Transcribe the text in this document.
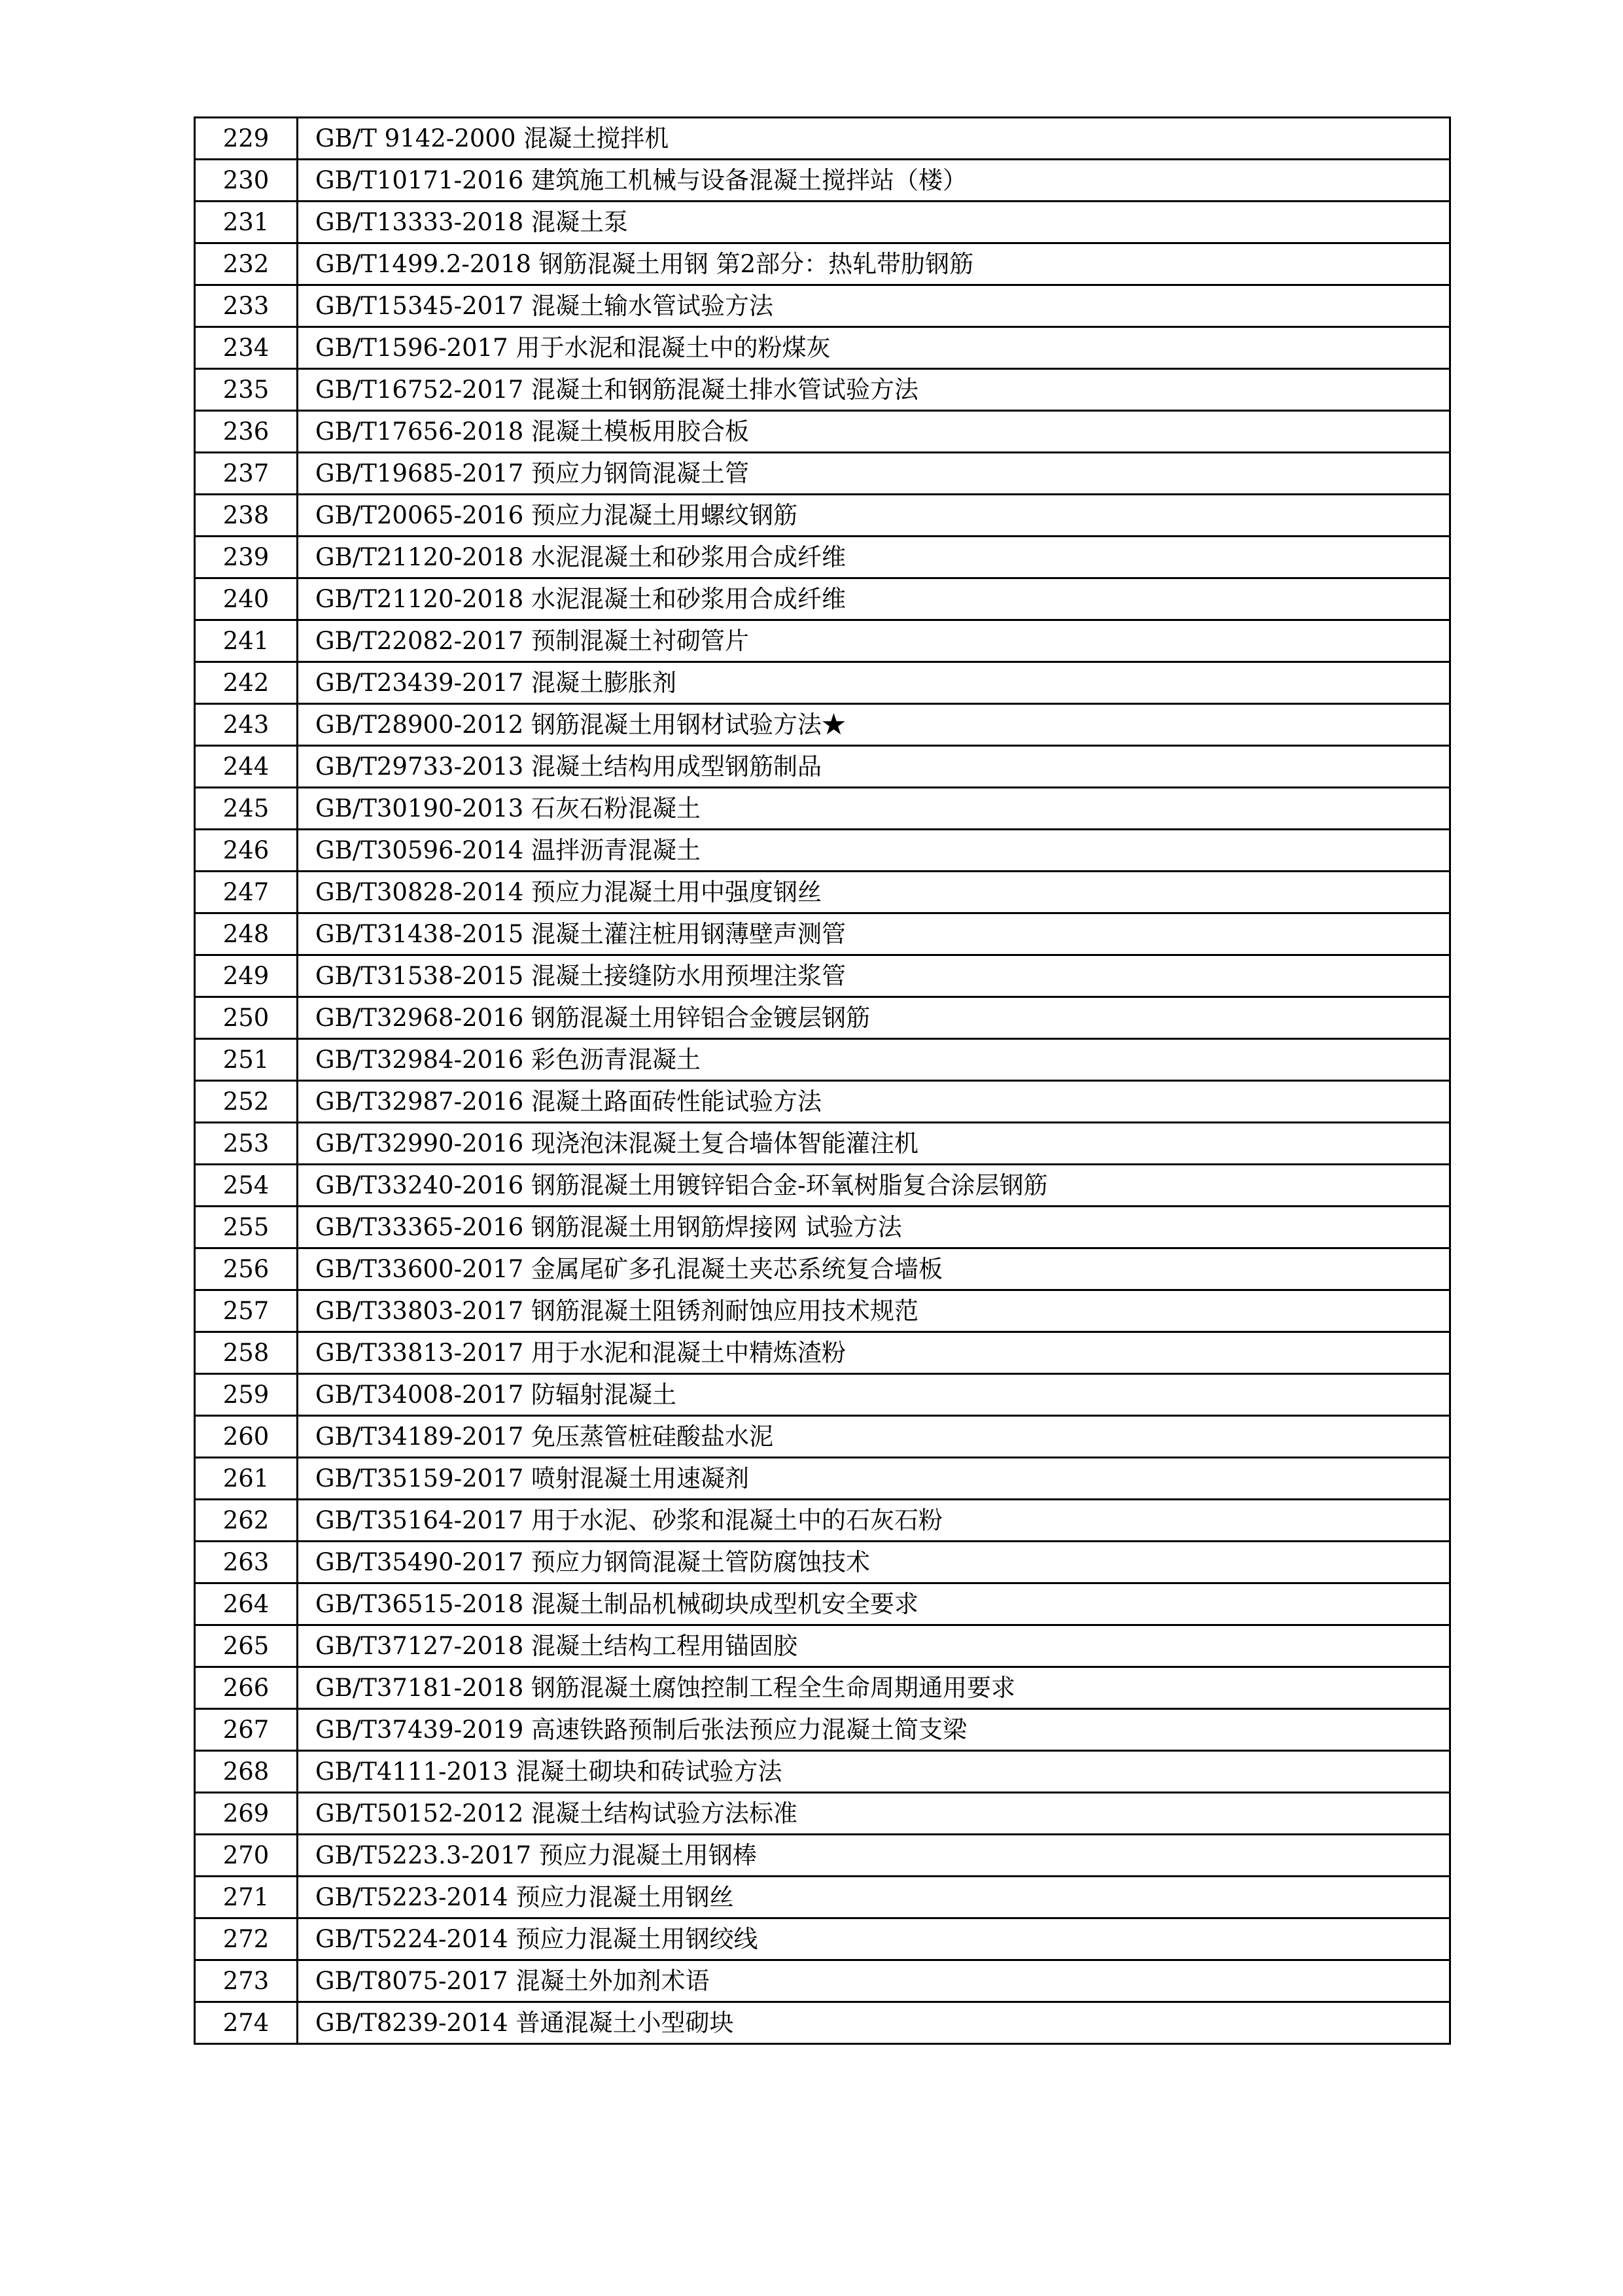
229	GB/T 9142-2000 混凝土搅拌机
230	GB/T10171-2016 建筑施工机械与设备混凝土搅拌站（楼）
231	GB/T13333-2018 混凝土泵
232	GB/T1499.2-2018 钢筋混凝土用钢 第2部分：热轧带肋钢筋
233	GB/T15345-2017 混凝土输水管试验方法
234	GB/T1596-2017 用于水泥和混凝土中的粉煤灰
235	GB/T16752-2017 混凝土和钢筋混凝土排水管试验方法
236	GB/T17656-2018 混凝土模板用胶合板
237	GB/T19685-2017 预应力钢筒混凝土管
238	GB/T20065-2016 预应力混凝土用螺纹钢筋
239	GB/T21120-2018 水泥混凝土和砂浆用合成纤维
240	GB/T21120-2018 水泥混凝土和砂浆用合成纤维
241	GB/T22082-2017 预制混凝土衬砌管片
242	GB/T23439-2017 混凝土膨胀剂
243	GB/T28900-2012 钢筋混凝土用钢材试验方法★
244	GB/T29733-2013 混凝土结构用成型钢筋制品
245	GB/T30190-2013 石灰石粉混凝土
246	GB/T30596-2014 温拌沥青混凝土
247	GB/T30828-2014 预应力混凝土用中强度钢丝
248	GB/T31438-2015 混凝土灌注桩用钢薄壁声测管
249	GB/T31538-2015 混凝土接缝防水用预埋注浆管
250	GB/T32968-2016 钢筋混凝土用锌铝合金镀层钢筋
251	GB/T32984-2016 彩色沥青混凝土
252	GB/T32987-2016 混凝土路面砖性能试验方法
253	GB/T32990-2016 现浇泡沫混凝土复合墙体智能灌注机
254	GB/T33240-2016 钢筋混凝土用镀锌铝合金-环氧树脂复合涂层钢筋
255	GB/T33365-2016 钢筋混凝土用钢筋焊接网 试验方法
256	GB/T33600-2017 金属尾矿多孔混凝土夹芯系统复合墙板
257	GB/T33803-2017 钢筋混凝土阻锈剂耐蚀应用技术规范
258	GB/T33813-2017 用于水泥和混凝土中精炼渣粉
259	GB/T34008-2017 防辐射混凝土
260	GB/T34189-2017 免压蒸管桩硅酸盐水泥
261	GB/T35159-2017 喷射混凝土用速凝剂
262	GB/T35164-2017 用于水泥、砂浆和混凝土中的石灰石粉
263	GB/T35490-2017 预应力钢筒混凝土管防腐蚀技术
264	GB/T36515-2018 混凝土制品机械砌块成型机安全要求
265	GB/T37127-2018 混凝土结构工程用锚固胶
266	GB/T37181-2018 钢筋混凝土腐蚀控制工程全生命周期通用要求
267	GB/T37439-2019 高速铁路预制后张法预应力混凝土简支梁
268	GB/T4111-2013 混凝土砌块和砖试验方法
269	GB/T50152-2012 混凝土结构试验方法标准
270	GB/T5223.3-2017 预应力混凝土用钢棒
271	GB/T5223-2014 预应力混凝土用钢丝
272	GB/T5224-2014 预应力混凝土用钢绞线
273	GB/T8075-2017 混凝土外加剂术语
274	GB/T8239-2014 普通混凝土小型砌块
